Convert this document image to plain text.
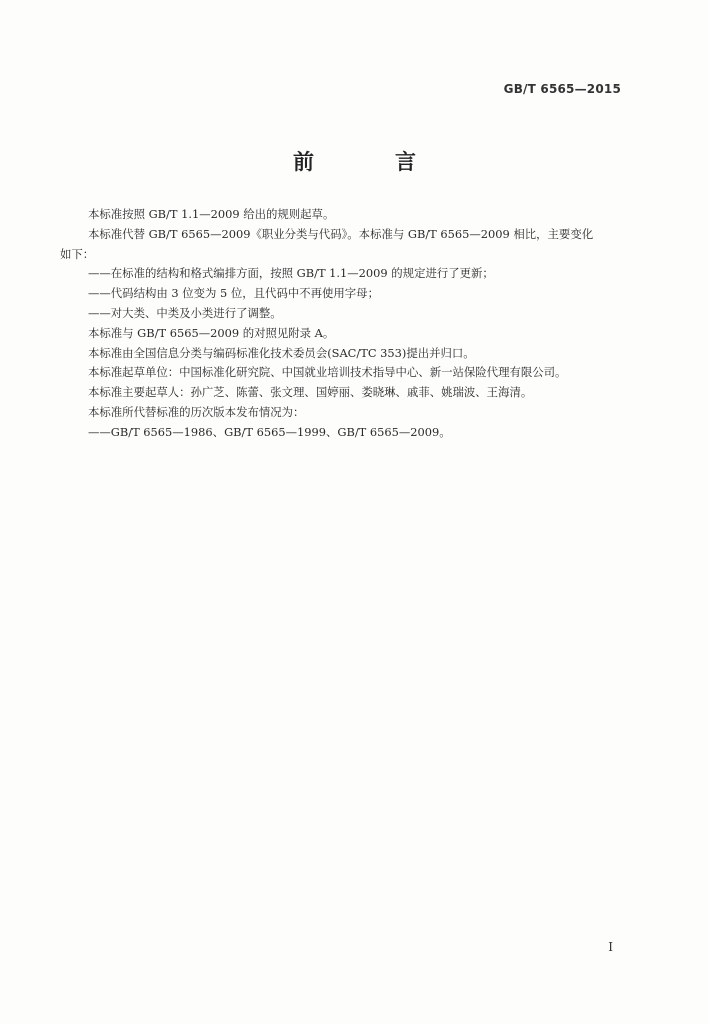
GB/T 6565—2015
前　言

本标准按照 GB/T 1.1—2009 给出的规则起草。

本标准代替 GB/T 6565—2009《职业分类与代码》。本标准与 GB/T 6565—2009 相比，主要变化

如下：

——在标准的结构和格式编排方面，按照 GB/T 1.1—2009 的规定进行了更新；

——代码结构由 3 位变为 5 位，且代码中不再使用字母；

——对大类、中类及小类进行了调整。

本标准与 GB/T 6565—2009 的对照见附录 A。

本标准由全国信息分类与编码标准化技术委员会(SAC/TC 353)提出并归口。

本标准起草单位：中国标准化研究院、中国就业培训技术指导中心、新一站保险代理有限公司。

本标准主要起草人：孙广芝、陈蕾、张文理、国婷丽、娄晓琳、戚菲、姚瑞波、王海清。

本标准所代替标准的历次版本发布情况为：

——GB/T 6565—1986、GB/T 6565—1999、GB/T 6565—2009。

I
